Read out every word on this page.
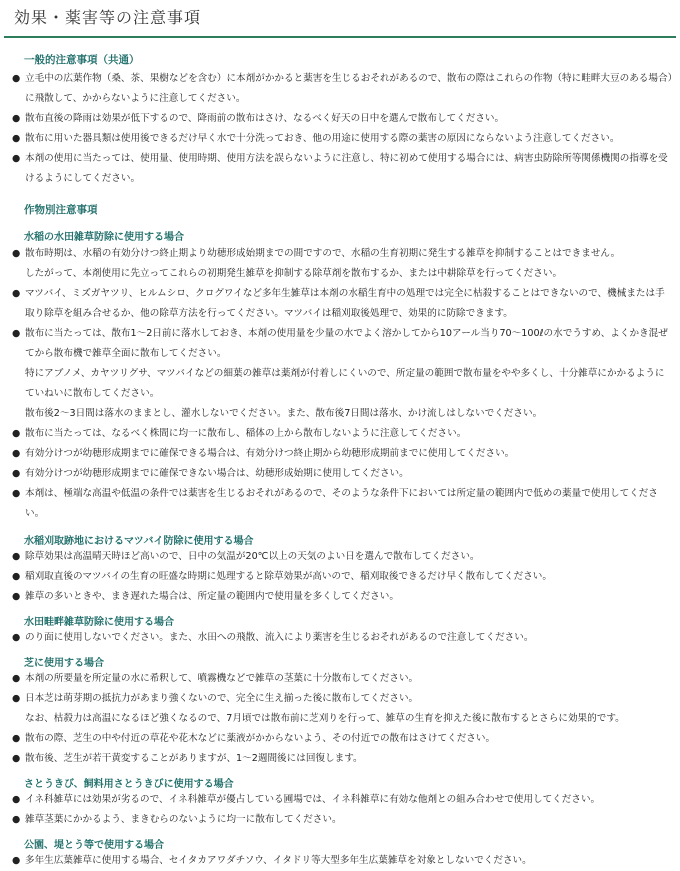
効果・薬害等の注意事項
一般的注意事項（共通）

● 立毛中の広葉作物（桑、茶、果樹などを含む）に本剤がかかると薬害を生じるおそれがあるので、散布の際はこれらの作物（特に畦畔大豆のある場合）に飛散して、かからないように注意してください。

● 散布直後の降雨は効果が低下するので、降雨前の散布はさけ、なるべく好天の日中を選んで散布してください。

● 散布に用いた器具類は使用後できるだけ早く水で十分洗っておき、他の用途に使用する際の薬害の原因にならないよう注意してください。

● 本剤の使用に当たっては、使用量、使用時期、使用方法を誤らないように注意し、特に初めて使用する場合には、病害虫防除所等関係機関の指導を受けるようにしてください。

作物別注意事項
水稲の水田雑草防除に使用する場合

● 散布時期は、水稲の有効分けつ終止期より幼穂形成始期までの間ですので、水稲の生育初期に発生する雑草を抑制することはできません。

したがって、本剤使用に先立ってこれらの初期発生雑草を抑制する除草剤を散布するか、または中耕除草を行ってください。

● マツバイ、ミズガヤツリ、ヒルムシロ、クログワイなど多年生雑草は本剤の水稲生育中の処理では完全に枯殺することはできないので、機械または手取り除草を組み合せるか、他の除草方法を行ってください。マツバイは稲刈取後処理で、効果的に防除できます。

● 散布に当たっては、散布1〜2日前に落水しておき、本剤の使用量を少量の水でよく溶かしてから10アール当り70〜100ℓの水でうすめ、よくかき混ぜてから散布機で雑草全面に散布してください。

特にアブノメ、カヤツリグサ、マツバイなどの細葉の雑草は薬剤が付着しにくいので、所定量の範囲で散布量をやや多くし、十分雑草にかかるようにていねいに散布してください。

散布後2〜3日間は落水のままとし、灌水しないでください。また、散布後7日間は落水、かけ流しはしないでください。

● 散布に当たっては、なるべく株間に均一に散布し、稲体の上から散布しないように注意してください。

● 有効分けつが幼穂形成期までに確保できる場合は、有効分けつ終止期から幼穂形成期前までに使用してください。

● 有効分けつが幼穂形成期までに確保できない場合は、幼穂形成始期に使用してください。

● 本剤は、極端な高温や低温の条件では薬害を生じるおそれがあるので、そのような条件下においては所定量の範囲内で低めの薬量で使用してください。

水稲刈取跡地におけるマツバイ防除に使用する場合

● 除草効果は高温晴天時ほど高いので、日中の気温が20℃以上の天気のよい日を選んで散布してください。

● 稲刈取直後のマツバイの生育の旺盛な時期に処理すると除草効果が高いので、稲刈取後できるだけ早く散布してください。

● 雑草の多いときや、まき遅れた場合は、所定量の範囲内で使用量を多くしてください。

水田畦畔雑草防除に使用する場合

● のり面に使用しないでください。また、水田への飛散、流入により薬害を生じるおそれがあるので注意してください。

芝に使用する場合

● 本剤の所要量を所定量の水に希釈して、噴霧機などで雑草の茎葉に十分散布してください。

● 日本芝は萌芽期の抵抗力があまり強くないので、完全に生え揃った後に散布してください。

なお、枯殺力は高温になるほど強くなるので、7月頃では散布前に芝刈りを行って、雑草の生育を抑えた後に散布するとさらに効果的です。

● 散布の際、芝生の中や付近の草花や花木などに薬液がかからないよう、その付近での散布はさけてください。

● 散布後、芝生が若干黄変することがありますが、1〜2週間後には回復します。

さとうきび、飼料用さとうきびに使用する場合

● イネ科雑草には効果が劣るので、イネ科雑草が優占している圃場では、イネ科雑草に有効な他剤との組み合わせで使用してください。

● 雑草茎葉にかかるよう、まきむらのないように均一に散布してください。

公園、堤とう等で使用する場合

● 多年生広葉雑草に使用する場合、セイタカアワダチソウ、イタドリ等大型多年生広葉雑草を対象としないでください。
